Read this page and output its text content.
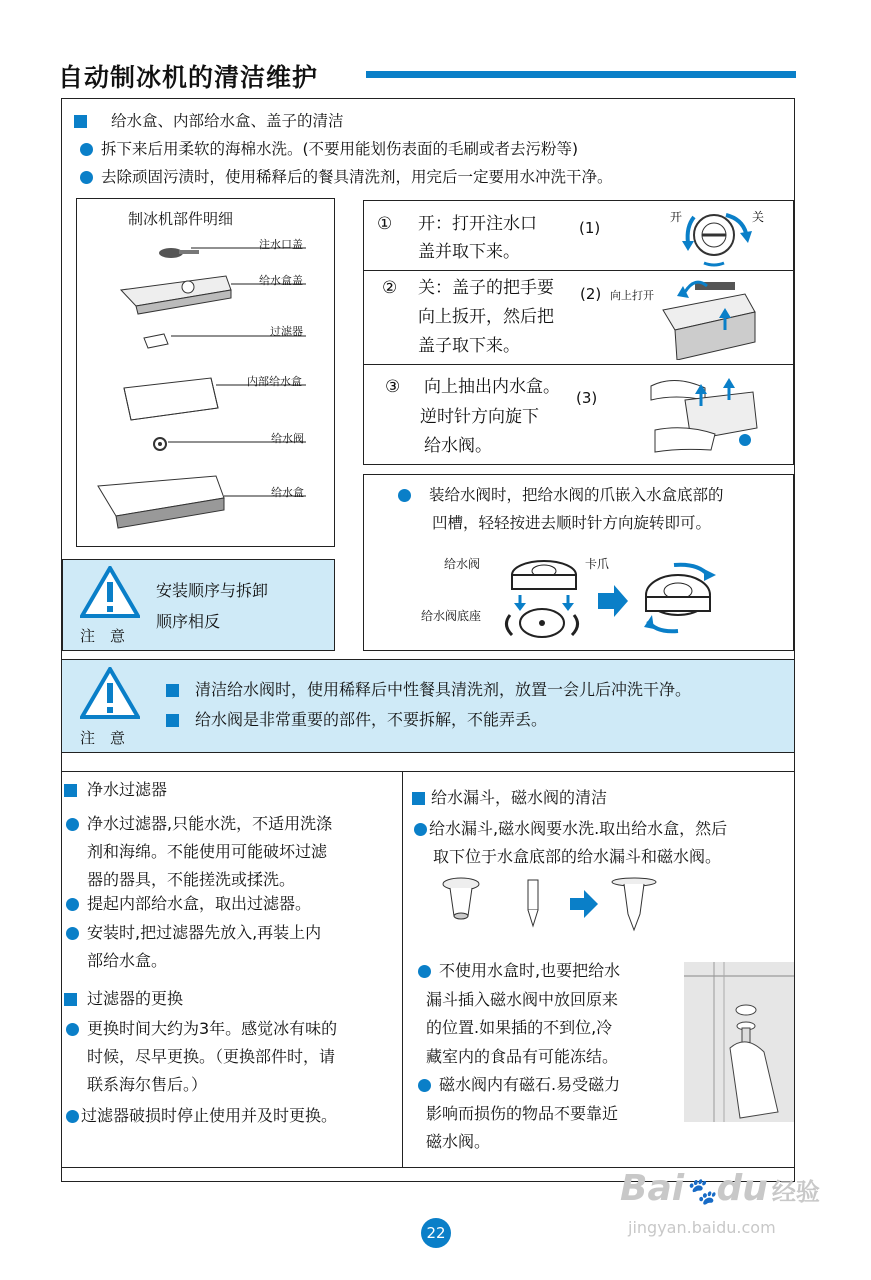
自动制冰机的清洁维护
给水盒、内部给水盒、盖子的清洁
拆下来后用柔软的海棉水洗。(不要用能划伤表面的毛刷或者去污粉等)
去除顽固污渍时，使用稀释后的餐具清洗剂，用完后一定要用水冲洗干净。
制冰机部件明细
注水口盖
给水盒盖
过滤器
内部给水盒
给水阀
给水盒
注　意
安装顺序与拆卸
顺序相反
① 开：打开注水口
盖并取下来。
(1)
开	关
② 关：盖子的把手要
向上扳开，然后把
盖子取下来。
(2) 向上打开
③ 向上抽出内水盒。
逆时针方向旋下
给水阀。
(3)
装给水阀时，把给水阀的爪嵌入水盒底部的
凹槽，轻轻按进去顺时针方向旋转即可。
给水阀	卡爪
给水阀底座
注　意
清洁给水阀时，使用稀释后中性餐具清洗剂，放置一会儿后冲洗干净。
给水阀是非常重要的部件，不要拆解，不能弄丢。
净水过滤器
净水过滤器,只能水洗，不适用洗涤
剂和海绵。不能使用可能破坏过滤
器的器具，不能搓洗或揉洗。
提起内部给水盒，取出过滤器。
安装时,把过滤器先放入,再装上内
部给水盒。
过滤器的更换
更换时间大约为3年。感觉冰有味的
时候，尽早更换。（更换部件时，请
联系海尔售后。）
过滤器破损时停止使用并及时更换。
给水漏斗，磁水阀的清洁
给水漏斗,磁水阀要水洗.取出给水盒，然后
取下位于水盒底部的给水漏斗和磁水阀。
不使用水盒时,也要把给水
漏斗插入磁水阀中放回原来
的位置.如果插的不到位,冷
藏室内的食品有可能冻结。
磁水阀内有磁石.易受磁力
影响而损伤的物品不要靠近
磁水阀。
22
Bai🐾du 经验
jingyan.baidu.com
